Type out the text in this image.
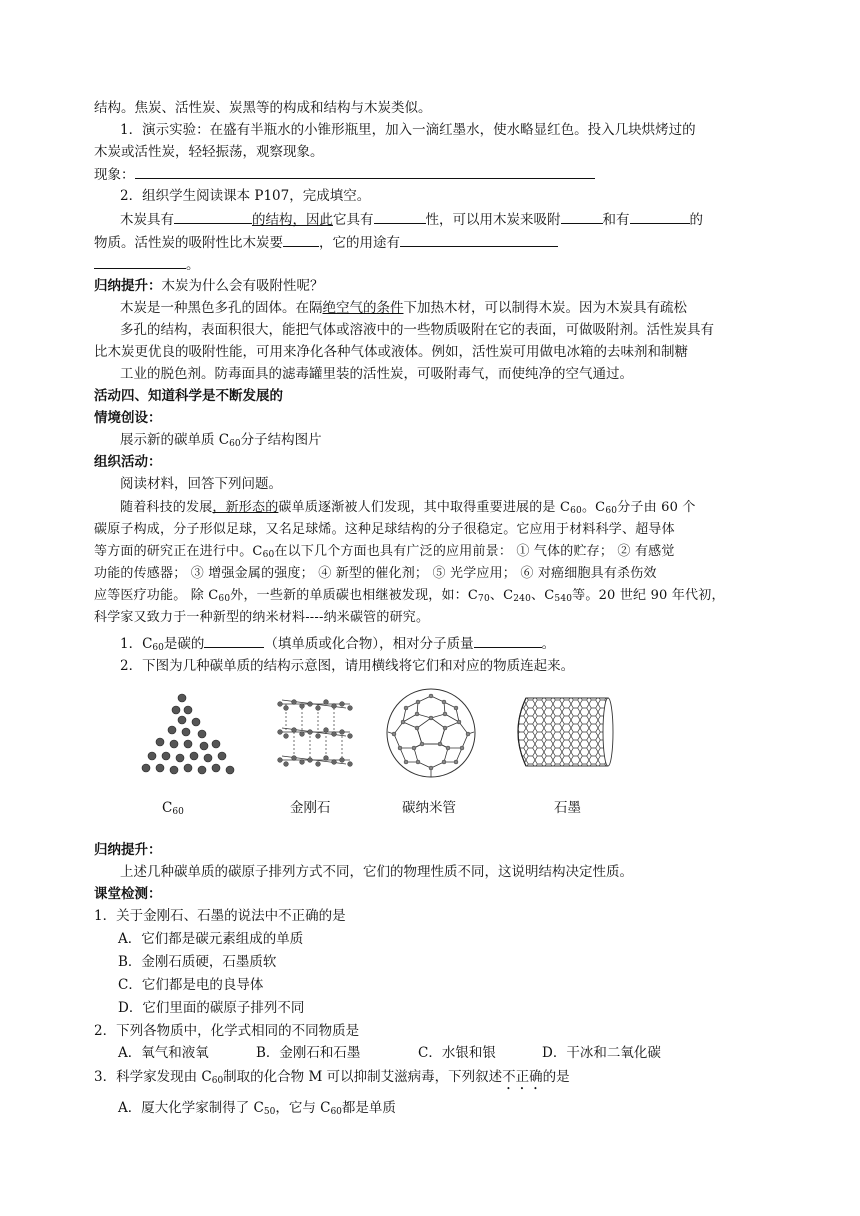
结构。焦炭、活性炭、炭黑等的构成和结构与木炭类似。
1．演示实验：在盛有半瓶水的小锥形瓶里，加入一滴红墨水，使水略显红色。投入几块烘烤过的
木炭或活性炭，轻轻振荡，观察现象。
现象：
2．组织学生阅读课本 P107，完成填空。
木炭具有	的结构，因此它具有	性，可以用木炭来吸附	和有	的
物质。活性炭的吸附性比木炭要	，它的用途有
。
归纳提升：木炭为什么会有吸附性呢？
木炭是一种黑色多孔的固体。在隔绝空气的条件下加热木材，可以制得木炭。因为木炭具有疏松
多孔的结构，表面积很大，能把气体或溶液中的一些物质吸附在它的表面，可做吸附剂。活性炭具有
比木炭更优良的吸附性能，可用来净化各种气体或液体。例如，活性炭可用做电冰箱的去味剂和制糖
工业的脱色剂。防毒面具的滤毒罐里装的活性炭，可吸附毒气，而使纯净的空气通过。
活动四、知道科学是不断发展的
情境创设：
展示新的碳单质 $C_{60}$分子结构图片
组织活动：
阅读材料，回答下列问题。
随着科技的发展，新形态的碳单质逐渐被人们发现，其中取得重要进展的是 $C_{60}$。$C_{60}$分子由 60 个
碳原子构成，分子形似足球，又名足球烯。这种足球结构的分子很稳定。它应用于材料科学、超导体
等方面的研究正在进行中。$C_{60}$在以下几个方面也具有广泛的应用前景： ① 气体的贮存； ② 有感觉
功能的传感器； ③ 增强金属的强度； ④ 新型的催化剂； ⑤ 光学应用； ⑥ 对癌细胞具有杀伤效
应等医疗功能。 除 $C_{60}$外，一些新的单质碳也相继被发现，如：$C_{70}$、$C_{240}$、$C_{540}$等。20 世纪 90 年代初，
科学家又致力于一种新型的纳米材料----纳米碳管的研究。
1．$C_{60}$是碳的	（填单质或化合物），相对分子质量	。
2．下图为几种碳单质的结构示意图，请用横线将它们和对应的物质连起来。
$C_{60}$	金刚石	碳纳米管	石墨
归纳提升：
上述几种碳单质的碳原子排列方式不同，它们的物理性质不同，这说明结构决定性质。
课堂检测：
1．关于金刚石、石墨的说法中不正确的是
A．它们都是碳元素组成的单质
B．金刚石质硬，石墨质软
C．它们都是电的良导体
D．它们里面的碳原子排列不同
2．下列各物质中，化学式相同的不同物质是
A．氧气和液氧	B．金刚石和石墨	C．水银和银	D．干冰和二氧化碳
3．科学家发现由 $C_{60}$制取的化合物 M 可以抑制艾滋病毒，下列叙述不正确的是
A．厦大化学家制得了 $C_{50}$，它与 $C_{60}$都是单质
